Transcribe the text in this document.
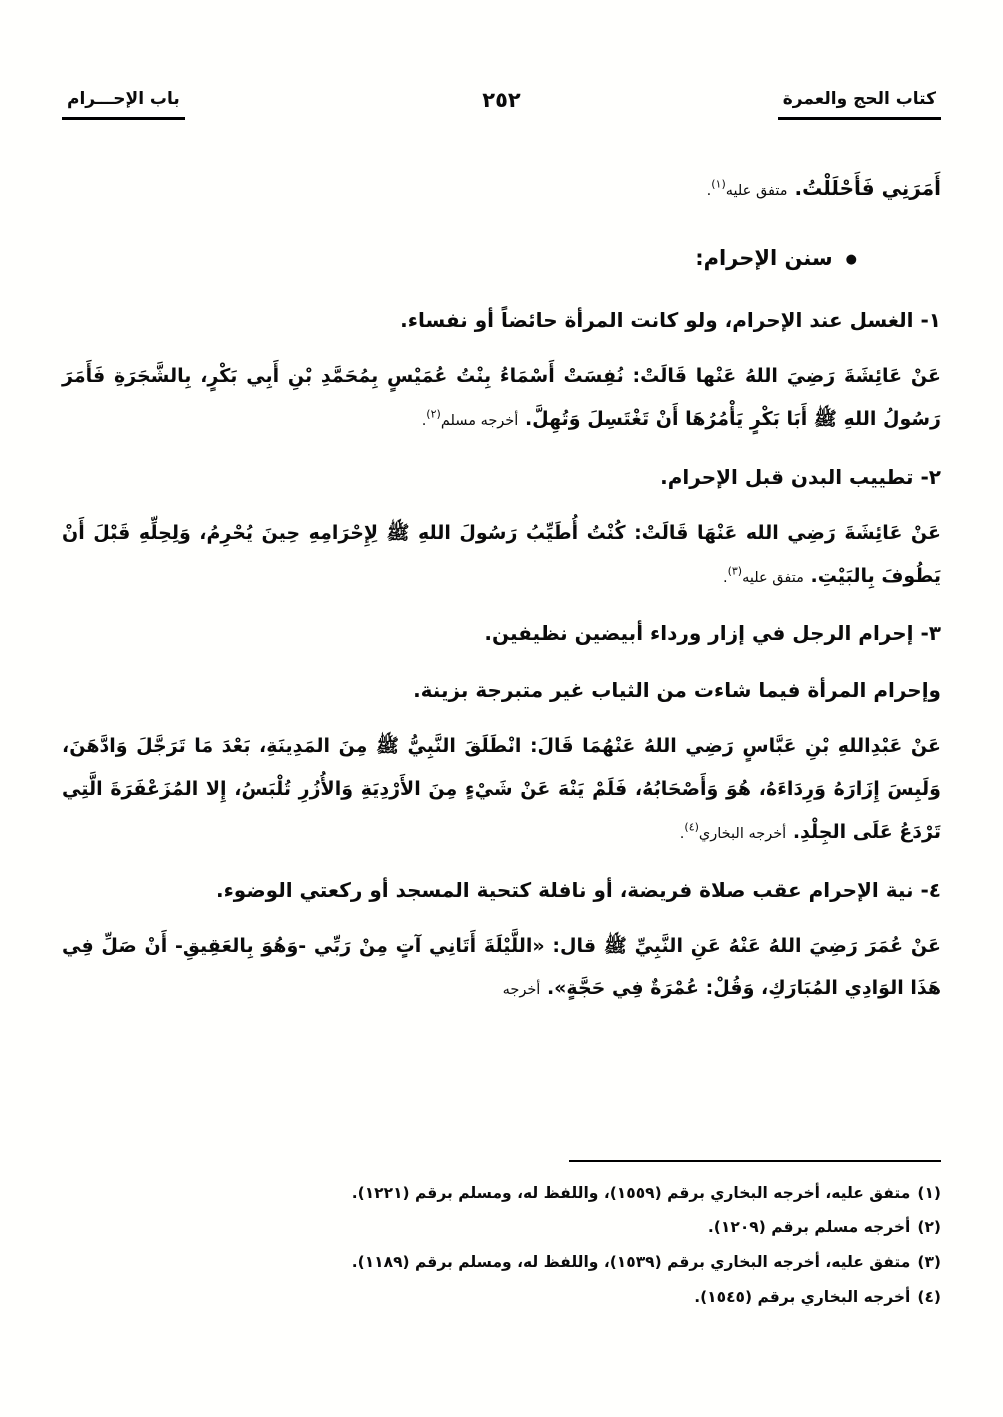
كتاب الحج والعمرة
٢٥٢
باب الإحـــرام

أَمَرَنِي فَأَحْلَلْتُ. متفق عليه$^{(١)}$.

●
سنن الإحرام:

١- الغسل عند الإحرام، ولو كانت المرأة حائضاً أو نفساء.

عَنْ عَائِشَةَ رَضِيَ اللهُ عَنْها قَالَتْ: نُفِسَتْ أَسْمَاءُ بِنْتُ عُمَيْسٍ بِمُحَمَّدِ بْنِ أَبِي بَكْرٍ، بِالشَّجَرَةِ فَأَمَرَ رَسُولُ اللهِ ﷺ أَبَا بَكْرٍ يَأْمُرُهَا أَنْ تَغْتَسِلَ وَتُهِلَّ. أخرجه مسلم$^{(٢)}$.

٢- تطييب البدن قبل الإحرام.

عَنْ عَائِشَةَ رَضِي الله عَنْهَا قَالَتْ: كُنْتُ أُطَيِّبُ رَسُولَ اللهِ ﷺ لِإِحْرَامِهِ حِينَ يُحْرِمُ، وَلِحِلِّهِ قَبْلَ أَنْ يَطُوفَ بِالبَيْتِ. متفق عليه$^{(٣)}$.

٣- إحرام الرجل في إزار ورداء أبيضين نظيفين.

وإحرام المرأة فيما شاءت من الثياب غير متبرجة بزينة.

عَنْ عَبْدِاللهِ بْنِ عَبَّاسٍ رَضِي اللهُ عَنْهُمَا قَالَ: انْطَلَقَ النَّبِيُّ ﷺ مِنَ المَدِينَةِ، بَعْدَ مَا تَرَجَّلَ وَادَّهَنَ، وَلَبِسَ إِزَارَهُ وَرِدَاءَهُ، هُوَ وَأَصْحَابُهُ، فَلَمْ يَنْهَ عَنْ شَيْءٍ مِنَ الأَرْدِيَةِ وَالأُزُرِ تُلْبَسُ، إِلا المُزَعْفَرَةَ الَّتِي تَرْدَعُ عَلَى الجِلْدِ. أخرجه البخاري$^{(٤)}$.

٤- نية الإحرام عقب صلاة فريضة، أو نافلة كتحية المسجد أو ركعتي الوضوء.

عَنْ عُمَرَ رَضِيَ اللهُ عَنْهُ عَنِ النَّبِيِّ ﷺ قال: «اللَّيْلَةَ أَتَانِي آتٍ مِنْ رَبِّي -وَهُوَ بِالعَقِيقِ- أَنْ صَلِّ فِي هَذَا الوَادِي المُبَارَكِ، وَقُلْ: عُمْرَةٌ فِي حَجَّةٍ». أخرجه

(١)متفق عليه، أخرجه البخاري برقم (١٥٥٩)، واللفظ له، ومسلم برقم (١٢٢١).

(٢)أخرجه مسلم برقم (١٢٠٩).

(٣)متفق عليه، أخرجه البخاري برقم (١٥٣٩)، واللفظ له، ومسلم برقم (١١٨٩).

(٤)أخرجه البخاري برقم (١٥٤٥).
